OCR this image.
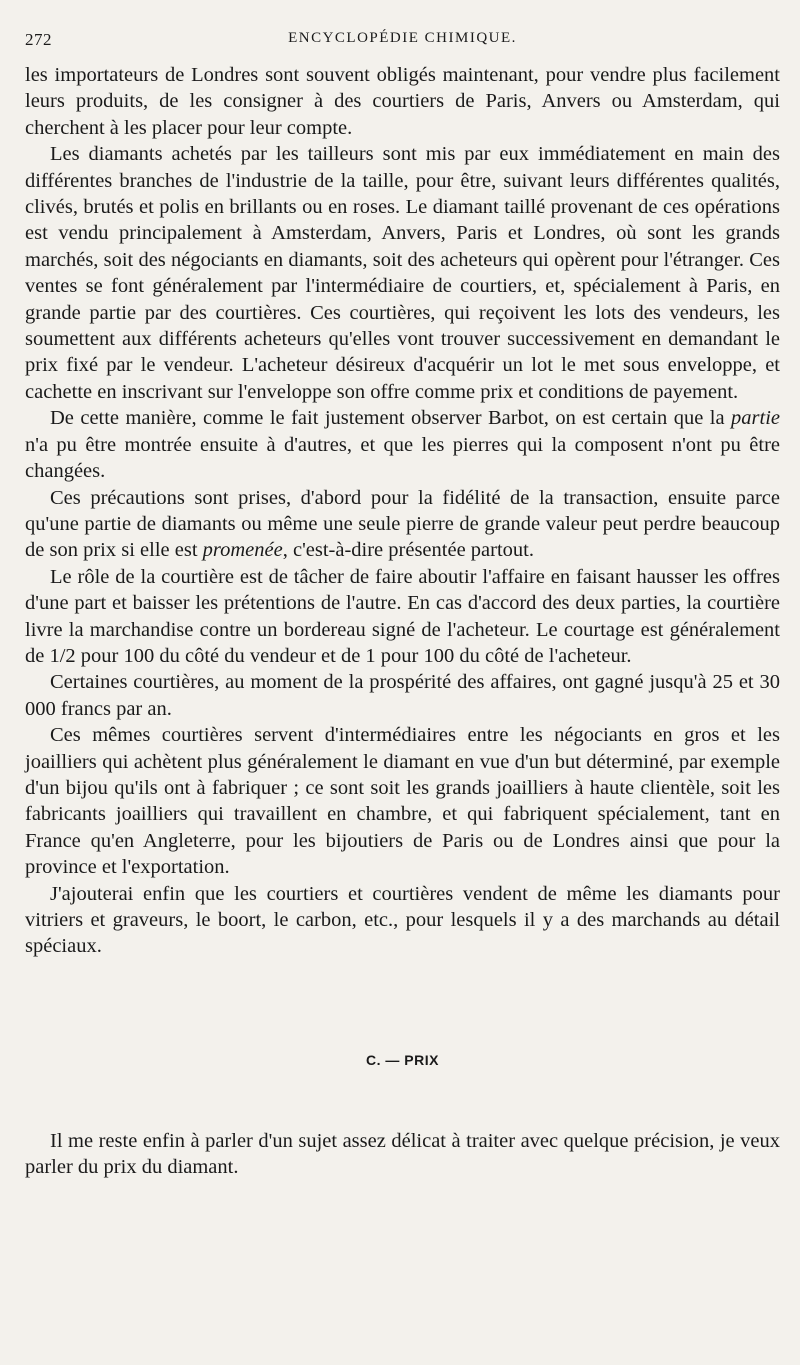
272	ENCYCLOPÉDIE CHIMIQUE.

les importateurs de Londres sont souvent obligés maintenant, pour vendre plus facilement leurs produits, de les consigner à des courtiers de Paris, Anvers ou Amsterdam, qui cherchent à les placer pour leur compte.

Les diamants achetés par les tailleurs sont mis par eux immédiatement en main des différentes branches de l'industrie de la taille, pour être, suivant leurs différentes qualités, clivés, brutés et polis en brillants ou en roses. Le diamant taillé provenant de ces opérations est vendu principalement à Amsterdam, Anvers, Paris et Londres, où sont les grands marchés, soit des négociants en diamants, soit des acheteurs qui opèrent pour l'étranger. Ces ventes se font généralement par l'intermédiaire de courtiers, et, spécialement à Paris, en grande partie par des courtières. Ces courtières, qui reçoivent les lots des vendeurs, les soumettent aux différents acheteurs qu'elles vont trouver successivement en demandant le prix fixé par le vendeur. L'acheteur désireux d'acquérir un lot le met sous enveloppe, et cachette en inscrivant sur l'enveloppe son offre comme prix et conditions de payement.

De cette manière, comme le fait justement observer Barbot, on est certain que la partie n'a pu être montrée ensuite à d'autres, et que les pierres qui la composent n'ont pu être changées.

Ces précautions sont prises, d'abord pour la fidélité de la transaction, ensuite parce qu'une partie de diamants ou même une seule pierre de grande valeur peut perdre beaucoup de son prix si elle est promenée, c'est-à-dire présentée partout.

Le rôle de la courtière est de tâcher de faire aboutir l'affaire en faisant hausser les offres d'une part et baisser les prétentions de l'autre. En cas d'accord des deux parties, la courtière livre la marchandise contre un bordereau signé de l'acheteur. Le courtage est généralement de 1/2 pour 100 du côté du vendeur et de 1 pour 100 du côté de l'acheteur.

Certaines courtières, au moment de la prospérité des affaires, ont gagné jusqu'à 25 et 30 000 francs par an.

Ces mêmes courtières servent d'intermédiaires entre les négociants en gros et les joailliers qui achètent plus généralement le diamant en vue d'un but déterminé, par exemple d'un bijou qu'ils ont à fabriquer ; ce sont soit les grands joailliers à haute clientèle, soit les fabricants joailliers qui travaillent en chambre, et qui fabriquent spécialement, tant en France qu'en Angleterre, pour les bijoutiers de Paris ou de Londres ainsi que pour la province et l'exportation.

J'ajouterai enfin que les courtiers et courtières vendent de même les diamants pour vitriers et graveurs, le boort, le carbon, etc., pour lesquels il y a des marchands au détail spéciaux.

C. — PRIX

Il me reste enfin à parler d'un sujet assez délicat à traiter avec quelque précision, je veux parler du prix du diamant.
